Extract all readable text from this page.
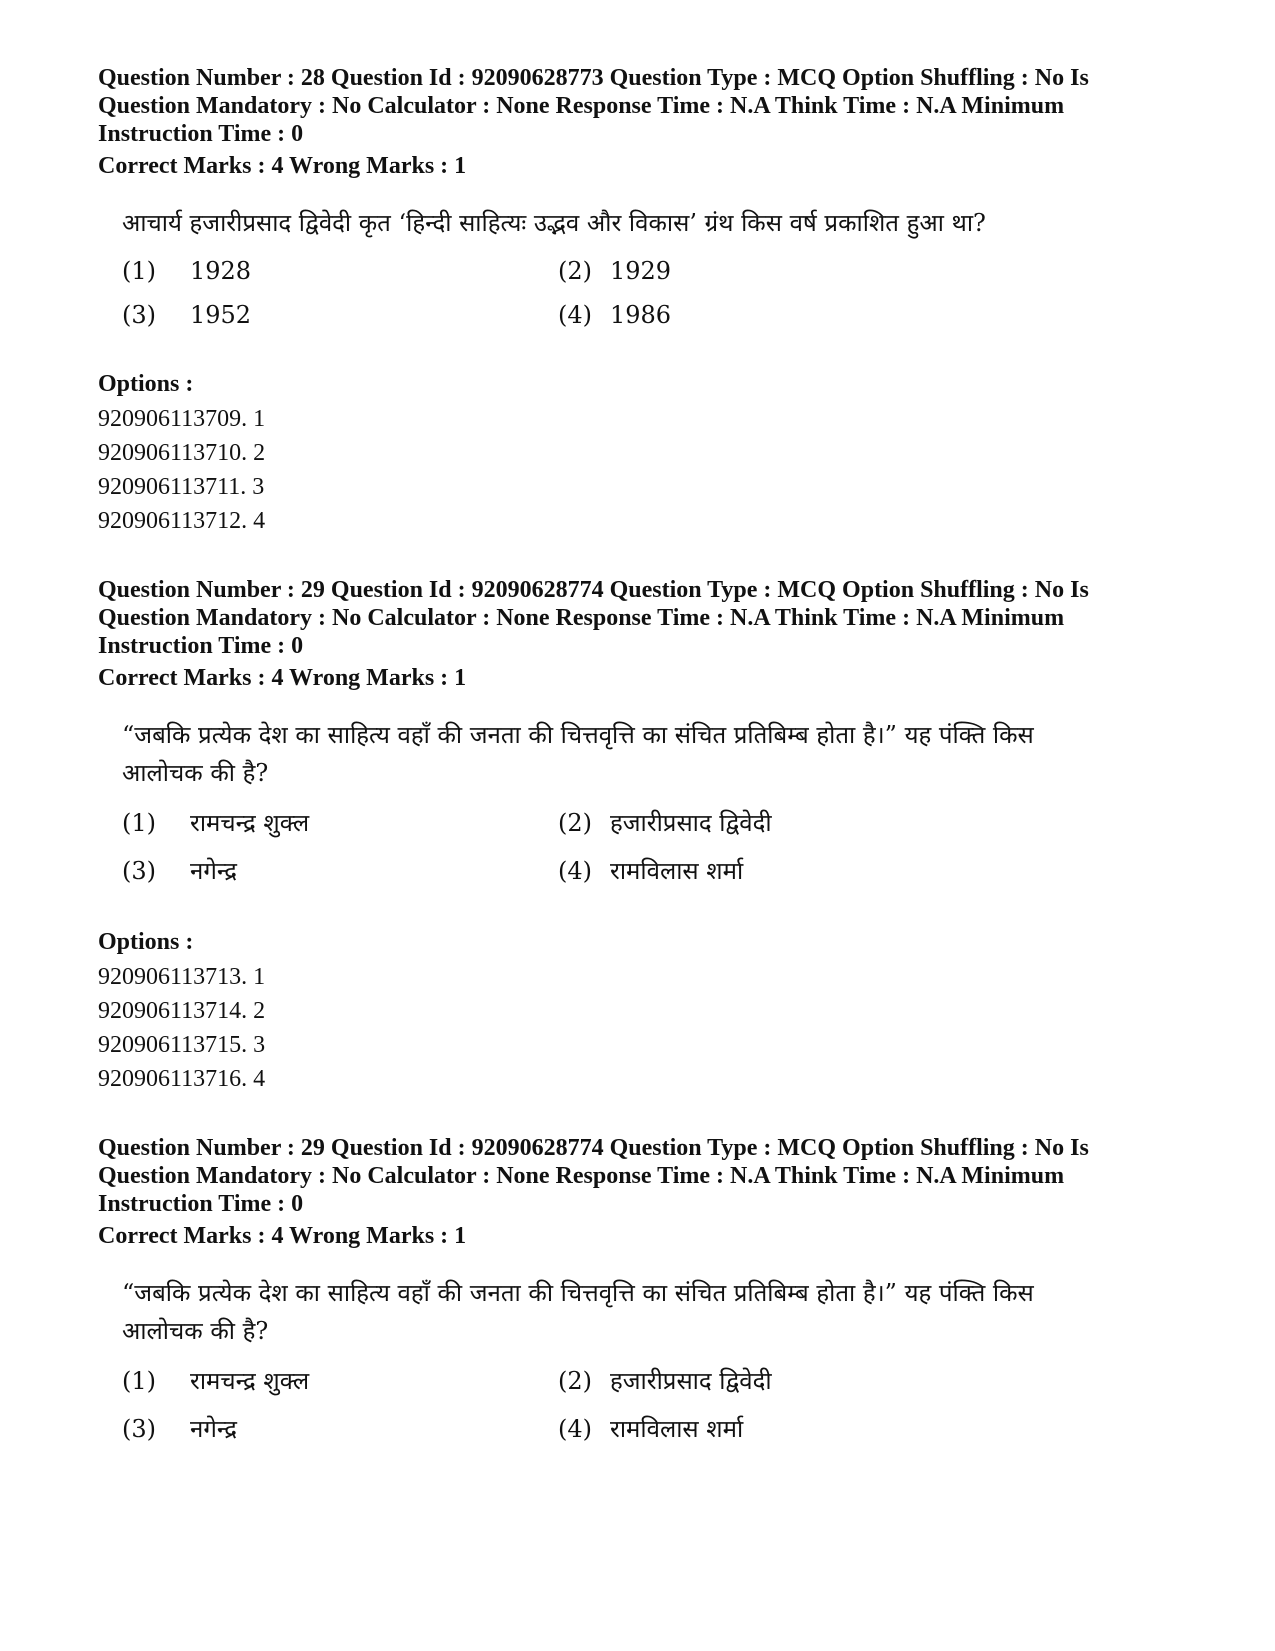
Question Number : 28 Question Id : 92090628773 Question Type : MCQ Option Shuffling : No Is

Question Mandatory : No Calculator : None Response Time : N.A Think Time : N.A Minimum

Instruction Time : 0

Correct Marks : 4 Wrong Marks : 1

आचार्य हजारीप्रसाद द्विवेदी कृत ‘हिन्दी साहित्यः उद्भव और विकास’ ग्रंथ किस वर्ष प्रकाशित हुआ था?
(1) 1928	(2) 1929
(3) 1952	(4) 1986

Options :

920906113709. 1

920906113710. 2

920906113711. 3

920906113712. 4

Question Number : 29 Question Id : 92090628774 Question Type : MCQ Option Shuffling : No Is

Question Mandatory : No Calculator : None Response Time : N.A Think Time : N.A Minimum

Instruction Time : 0

Correct Marks : 4 Wrong Marks : 1

“जबकि प्रत्येक देश का साहित्य वहाँ की जनता की चित्तवृत्ति का संचित प्रतिबिम्ब होता है।” यह पंक्ति किस
आलोचक की है?
(1) रामचन्द्र शुक्ल	(2) हजारीप्रसाद द्विवेदी
(3) नगेन्द्र	(4) रामविलास शर्मा

Options :

920906113713. 1

920906113714. 2

920906113715. 3

920906113716. 4

Question Number : 29 Question Id : 92090628774 Question Type : MCQ Option Shuffling : No Is

Question Mandatory : No Calculator : None Response Time : N.A Think Time : N.A Minimum

Instruction Time : 0

Correct Marks : 4 Wrong Marks : 1

“जबकि प्रत्येक देश का साहित्य वहाँ की जनता की चित्तवृत्ति का संचित प्रतिबिम्ब होता है।” यह पंक्ति किस
आलोचक की है?
(1) रामचन्द्र शुक्ल	(2) हजारीप्रसाद द्विवेदी
(3) नगेन्द्र	(4) रामविलास शर्मा
